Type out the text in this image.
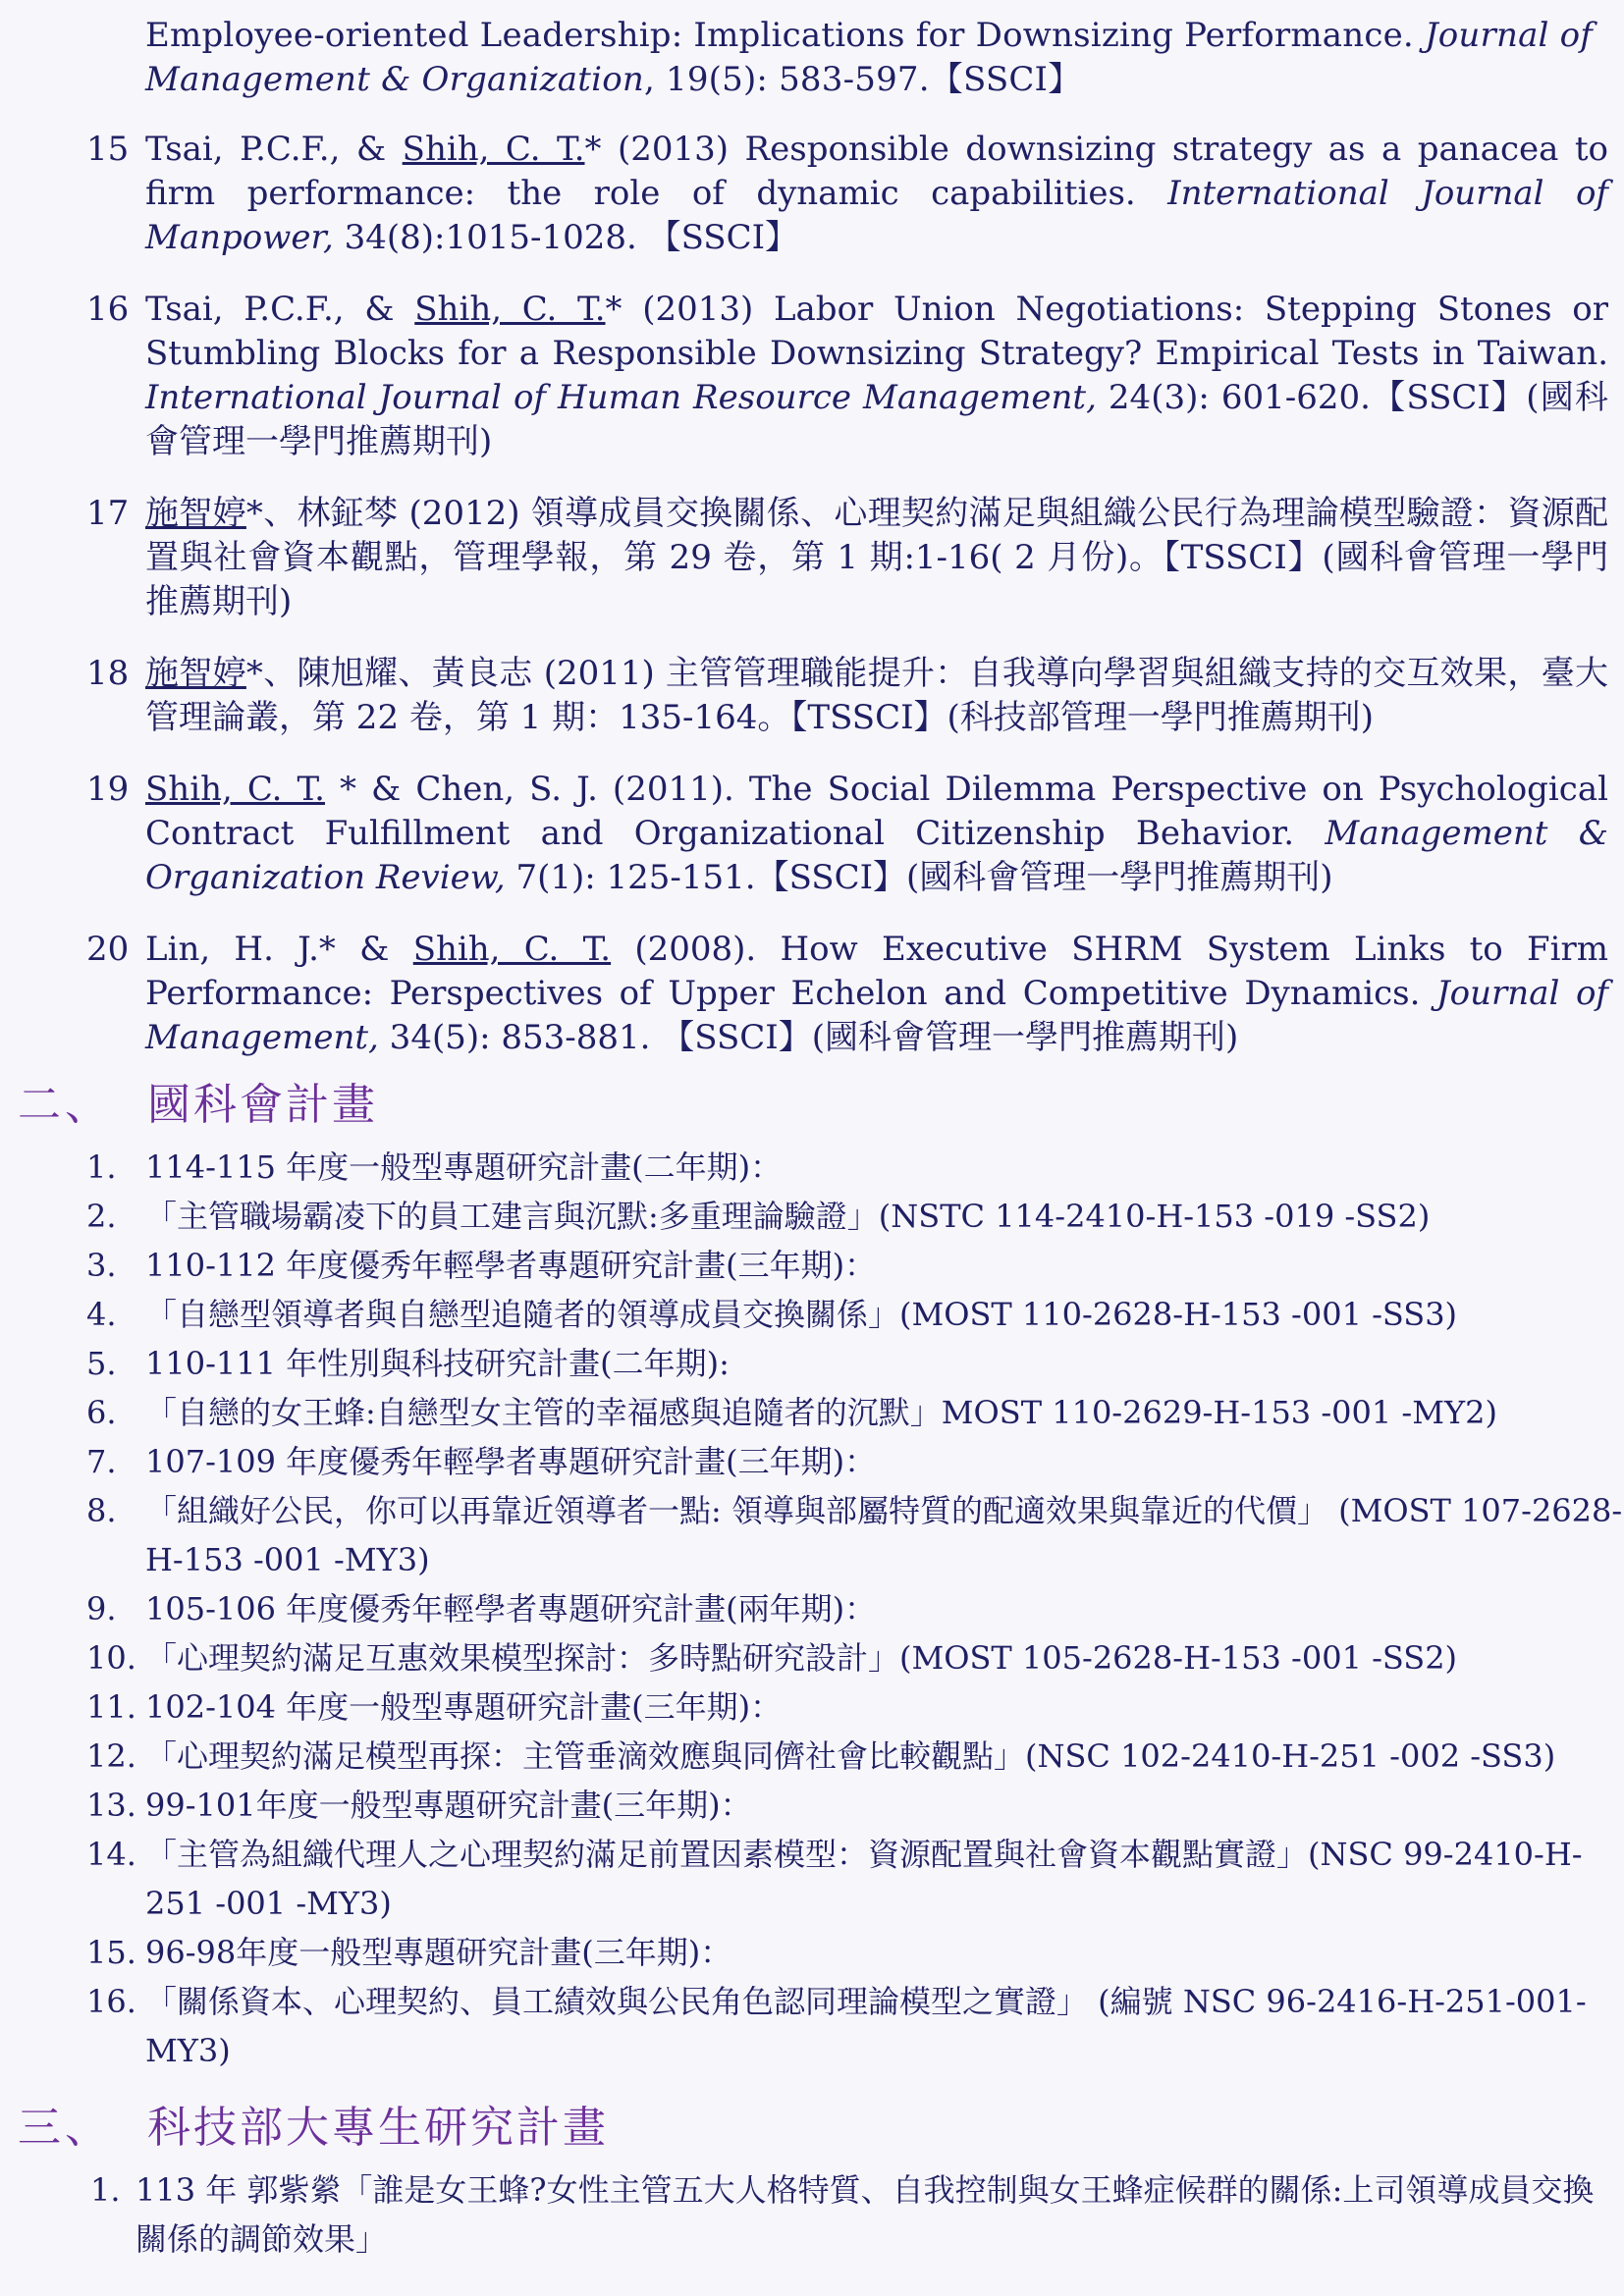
Employee-oriented Leadership: Implications for Downsizing Performance. Journal of Management & Organization, 19(5): 583-597.【SSCI】
15 Tsai, P.C.F., & Shih, C. T.* (2013) Responsible downsizing strategy as a panacea to firm performance: the role of dynamic capabilities. International Journal of Manpower, 34(8):1015-1028. 【SSCI】
16 Tsai, P.C.F., & Shih, C. T.* (2013) Labor Union Negotiations: Stepping Stones or Stumbling Blocks for a Responsible Downsizing Strategy? Empirical Tests in Taiwan. International Journal of Human Resource Management, 24(3): 601-620.【SSCI】(國科會管理一學門推薦期刊)
17 施智婷*、林鉦棽 (2012) 領導成員交換關係、心理契約滿足與組織公民行為理論模型驗證：資源配置與社會資本觀點，管理學報，第 29 卷，第 1 期:1-16( 2 月份)。【TSSCI】(國科會管理一學門推薦期刊)
18 施智婷*、陳旭耀、黃良志 (2011) 主管管理職能提升：自我導向學習與組織支持的交互效果，臺大管理論叢，第 22 卷，第 1 期：135-164。【TSSCI】(科技部管理一學門推薦期刊)
19 Shih, C. T. * & Chen, S. J. (2011). The Social Dilemma Perspective on Psychological Contract Fulfillment and Organizational Citizenship Behavior. Management & Organization Review, 7(1): 125-151.【SSCI】(國科會管理一學門推薦期刊)
20 Lin, H. J.* & Shih, C. T. (2008). How Executive SHRM System Links to Firm Performance: Perspectives of Upper Echelon and Competitive Dynamics. Journal of Management, 34(5): 853-881. 【SSCI】(國科會管理一學門推薦期刊)
二、 國科會計畫
1. 114-115 年度一般型專題研究計畫(二年期)：
2. 「主管職場霸凌下的員工建言與沉默:多重理論驗證」(NSTC 114-2410-H-153 -019 -SS2)
3. 110-112 年度優秀年輕學者專題研究計畫(三年期)：
4. 「自戀型領導者與自戀型追隨者的領導成員交換關係」(MOST 110-2628-H-153 -001 -SS3)
5. 110-111 年性別與科技研究計畫(二年期):
6. 「自戀的女王蜂:自戀型女主管的幸福感與追隨者的沉默」MOST 110-2629-H-153 -001 -MY2)
7. 107-109 年度優秀年輕學者專題研究計畫(三年期)：
8. 「組織好公民，你可以再靠近領導者一點: 領導與部屬特質的配適效果與靠近的代價」 (MOST 107-2628-H-153 -001 -MY3)
9. 105-106 年度優秀年輕學者專題研究計畫(兩年期)：
10. 「心理契約滿足互惠效果模型探討：多時點研究設計」(MOST 105-2628-H-153 -001 -SS2)
11. 102-104 年度一般型專題研究計畫(三年期)：
12. 「心理契約滿足模型再探：主管垂滴效應與同儕社會比較觀點」(NSC 102-2410-H-251 -002 -SS3)
13. 99-101年度一般型專題研究計畫(三年期)：
14. 「主管為組織代理人之心理契約滿足前置因素模型：資源配置與社會資本觀點實證」(NSC 99-2410-H-251 -001 -MY3)
15. 96-98年度一般型專題研究計畫(三年期)：
16. 「關係資本、心理契約、員工績效與公民角色認同理論模型之實證」 (編號 NSC 96-2416-H-251-001-MY3)
三、 科技部大專生研究計畫
1. 113 年 郭紫縈「誰是女王蜂?女性主管五大人格特質、自我控制與女王蜂症候群的關係:上司領導成員交換關係的調節效果」
